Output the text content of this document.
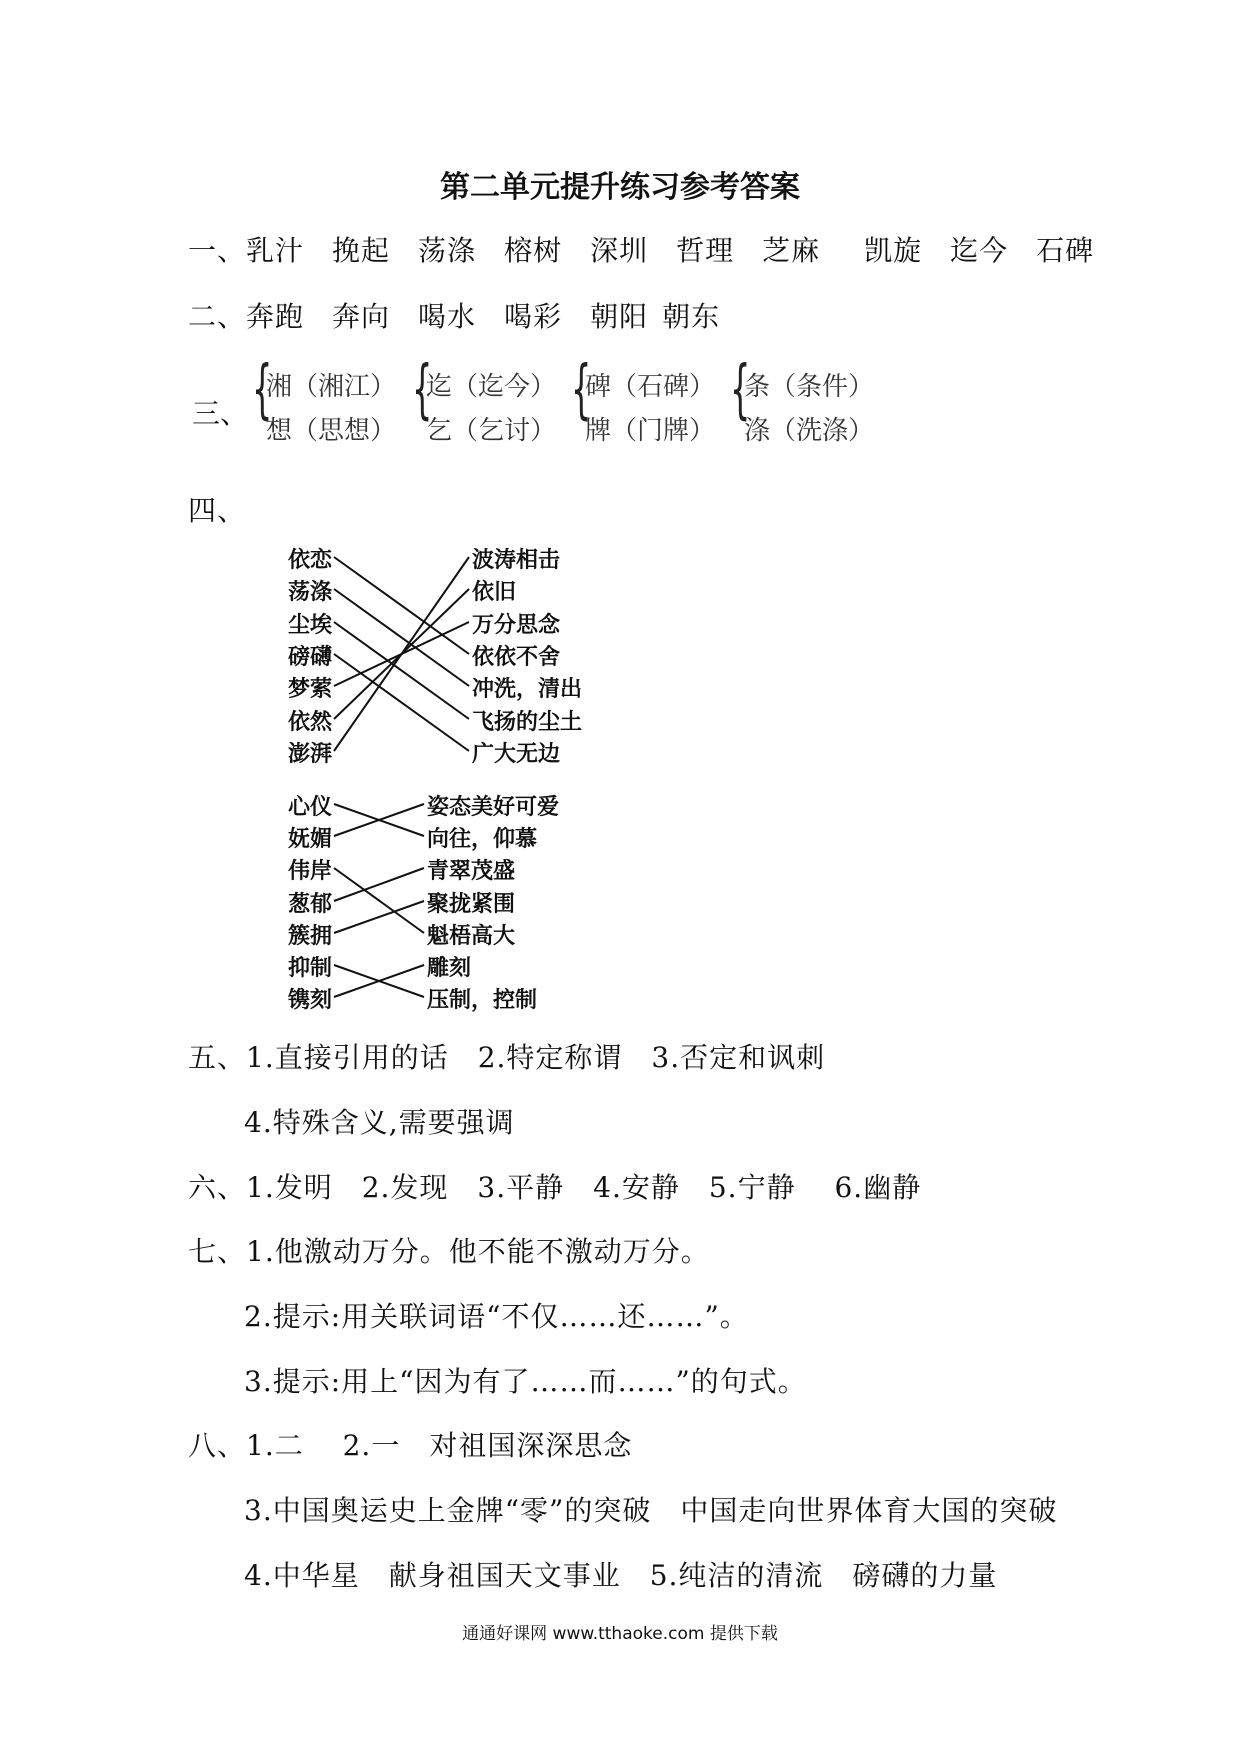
第二单元提升练习参考答案
一、乳汁 挽起 荡涤 榕树 深圳 哲理 芝麻 凯旋 迄今 石碑
二、奔跑 奔向 喝水 喝彩 朝阳 朝东
三、 {
湘（湘江）
想（思想）
{
迄（迄今）
乞（乞讨）
{
碑（石碑）
牌（门牌）
{
条（条件）
涤（洗涤）
四、
依恋
荡涤
尘埃
磅礴
梦萦
依然
澎湃
波涛相击
依旧
万分思念
依依不舍
冲洗，清出
飞扬的尘土
广大无边
心仪
妩媚
伟岸
葱郁
簇拥
抑制
镌刻
姿态美好可爱
向往，仰慕
青翠茂盛
聚拢紧围
魁梧高大
雕刻
压制，控制
五、1.直接引用的话　2.特定称谓　3.否定和讽刺
4.特殊含义,需要强调
六、1.发明　2.发现　3.平静　4.安静　5.宁静　 6.幽静
七、1.他激动万分。他不能不激动万分。
2.提示:用关联词语“不仅……还……”。
3.提示:用上“因为有了……而……”的句式。
八、1.二　 2.一　对祖国深深思念
3.中国奥运史上金牌“零”的突破　中国走向世界体育大国的突破
4.中华星　献身祖国天文事业　5.纯洁的清流　磅礴的力量
通通好课网 www.tthaoke.com 提供下载
